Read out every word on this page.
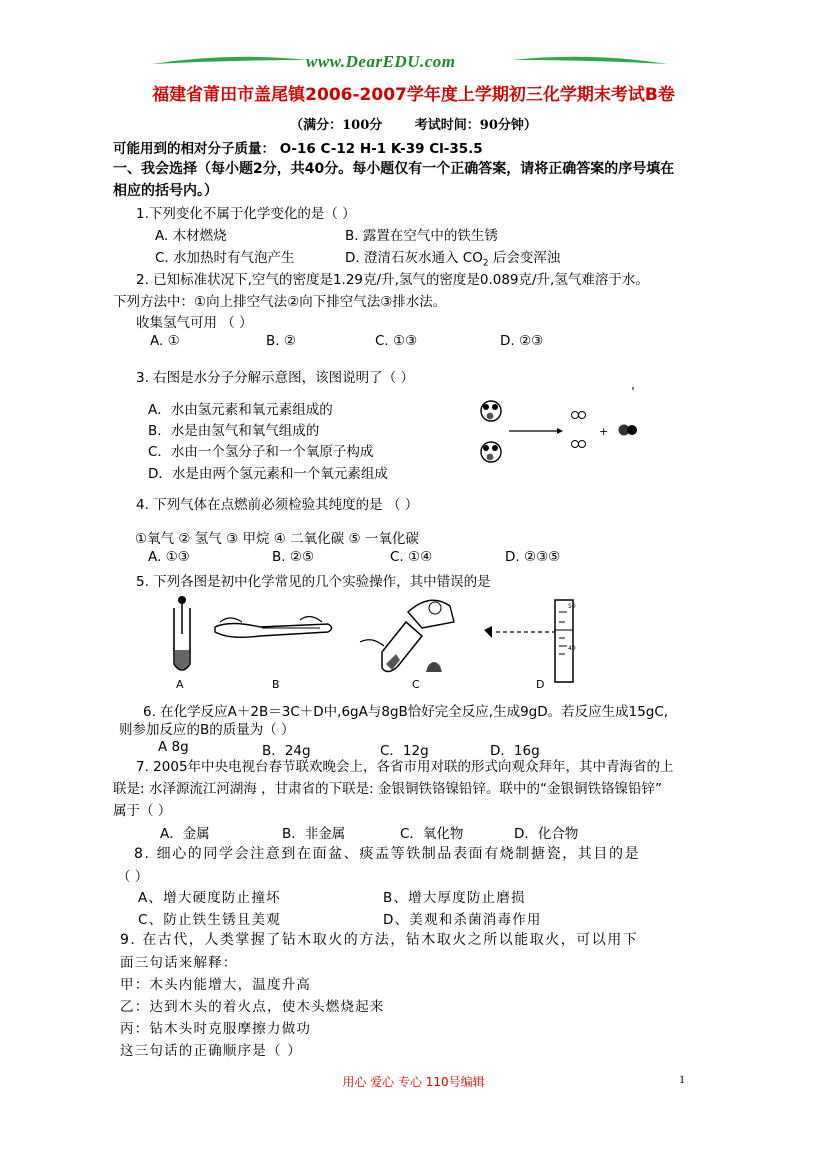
www.DearEDU.com
福建省莆田市盖尾镇2006-2007学年度上学期初三化学期末考试B卷
（满分：100分	考试时间：90分钟）
可能用到的相对分子质量： O-16 C-12 H-1 K-39 Cl-35.5
一、我会选择（每小题2分，共40分。每小题仅有一个正确答案，请将正确答案的序号填在
相应的括号内。）
1.下列变化不属于化学变化的是（ ）
A. 木材燃烧	B. 露置在空气中的铁生锈
C. 水加热时有气泡产生	D. 澄清石灰水通入 $CO_2$ 后会变浑浊
2. 已知标准状况下,空气的密度是1.29克/升,氢气的密度是0.089克/升,氢气难溶于水。
下列方法中：①向上排空气法②向下排空气法③排水法。
收集氢气可用 （ ）
A. ①	B. ②	C. ①③	D. ②③
3. 右图是水分子分解示意图，该图说明了（ ）
A．水由氢元素和氧元素组成的
B．水是由氢气和氧气组成的
C．水由一个氢分子和一个氧原子构成
D．水是由两个氢元素和一个氧元素组成
+
4. 下列气体在点燃前必须检验其纯度的是 （ ）
①氧气 ② 氢气 ③ 甲烷 ④ 二氧化碳 ⑤ 一氧化碳
A. ①③	B. ②⑤	C. ①④	D. ②③⑤
5. 下列各图是初中化学常见的几个实验操作，其中错误的是
50
40
A	B	C	D
6. 在化学反应A＋2B＝3C＋D中,6gA与8gB恰好完全反应,生成9gD。若反应生成15gC,
则参加反应的B的质量为（ ）
A 8g	B．24g	C．12g	D．16g
7. 2005年中央电视台春节联欢晚会上，各省市用对联的形式向观众拜年，其中青海省的上
联是: 水泽源流江河湖海 ，甘肃省的下联是: 金银铜铁铬镍铅锌。联中的“金银铜铁铬镍铅锌”
属于（ ）
A．金属	B．非金属	C．氧化物	D．化合物
8. 细心的同学会注意到在面盆、痰盂等铁制品表面有烧制搪瓷，其目的是
（ ）
A、增大硬度防止撞坏	B、增大厚度防止磨损
C、防止铁生锈且美观	D、美观和杀菌消毒作用
9. 在古代，人类掌握了钻木取火的方法，钻木取火之所以能取火，可以用下
面三句话来解释：
甲：木头内能增大，温度升高
乙：达到木头的着火点，使木头燃烧起来
丙：钻木头时克服摩擦力做功
这三句话的正确顺序是（ ）
用心 爱心 专心 110号编辑	1
